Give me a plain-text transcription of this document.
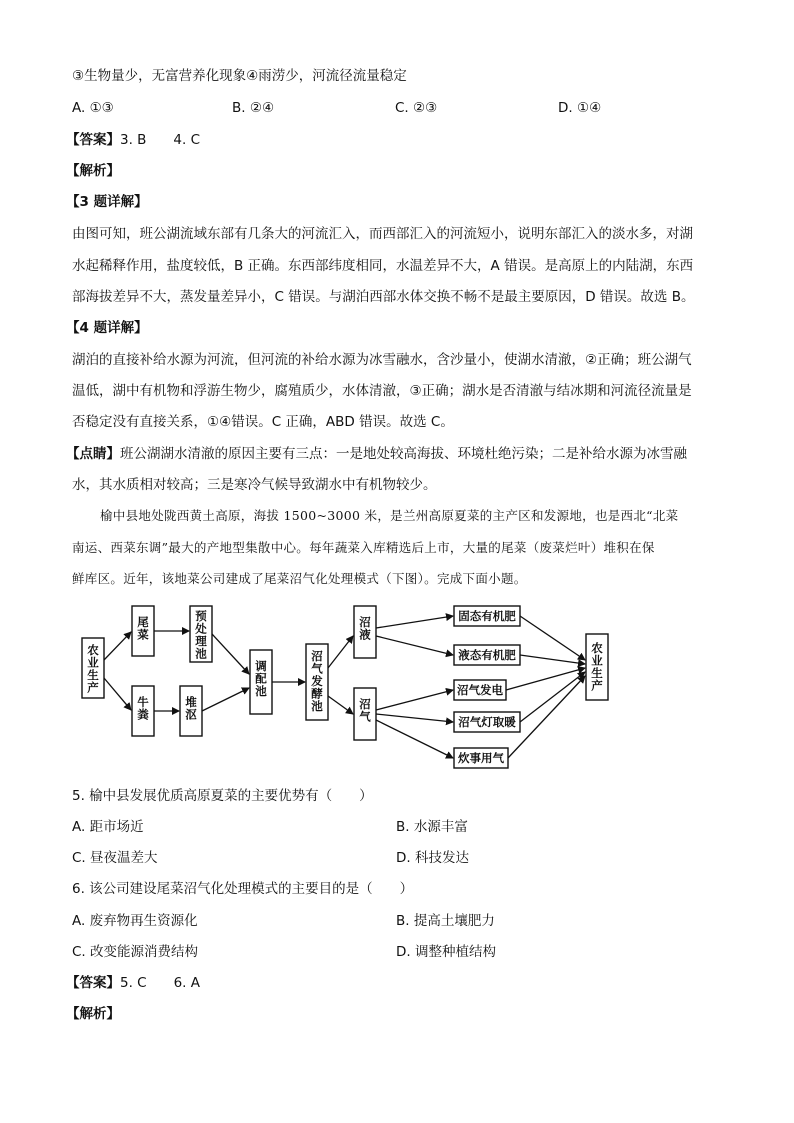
③生物量少，无富营养化现象④雨涝少，河流径流量稳定
A. ①③	B. ②④	C. ②③	D. ①④
【答案】3. B　　4. C
【解析】
【3 题详解】
由图可知，班公湖流域东部有几条大的河流汇入，而西部汇入的河流短小，说明东部汇入的淡水多，对湖
水起稀释作用，盐度较低，B 正确。东西部纬度相同，水温差异不大，A 错误。是高原上的内陆湖，东西
部海拔差异不大，蒸发量差异小，C 错误。与湖泊西部水体交换不畅不是最主要原因，D 错误。故选 B。
【4 题详解】
湖泊的直接补给水源为河流，但河流的补给水源为冰雪融水，含沙量小，使湖水清澈，②正确；班公湖气
温低，湖中有机物和浮游生物少，腐殖质少，水体清澈，③正确；湖水是否清澈与结冰期和河流径流量是
否稳定没有直接关系，①④错误。C 正确，ABD 错误。故选 C。
【点睛】班公湖湖水清澈的原因主要有三点：一是地处较高海拔、环境杜绝污染；二是补给水源为冰雪融
水，其水质相对较高；三是寒冷气候导致湖水中有机物较少。
榆中县地处陇西黄土高原，海拔 1500~3000 米，是兰州高原夏菜的主产区和发源地，也是西北“北菜
南运、西菜东调”最大的产地型集散中心。每年蔬菜入库精选后上市，大量的尾菜（废菜烂叶）堆积在保
鲜库区。近年，该地菜公司建成了尾菜沼气化处理模式（下图）。完成下面小题。
农业生产
尾菜
牛粪
预处理池
堆沤
调配池
沼气发酵池
沼液
沼气
固态有机肥
液态有机肥
沼气发电
沼气灯取暖
炊事用气
农业生产
5. 榆中县发展优质高原夏菜的主要优势有（　　）
A. 距市场近	B. 水源丰富
C. 昼夜温差大	D. 科技发达
6. 该公司建设尾菜沼气化处理模式的主要目的是（　　）
A. 废弃物再生资源化	B. 提高土壤肥力
C. 改变能源消费结构	D. 调整种植结构
【答案】5. C　　6. A
【解析】
